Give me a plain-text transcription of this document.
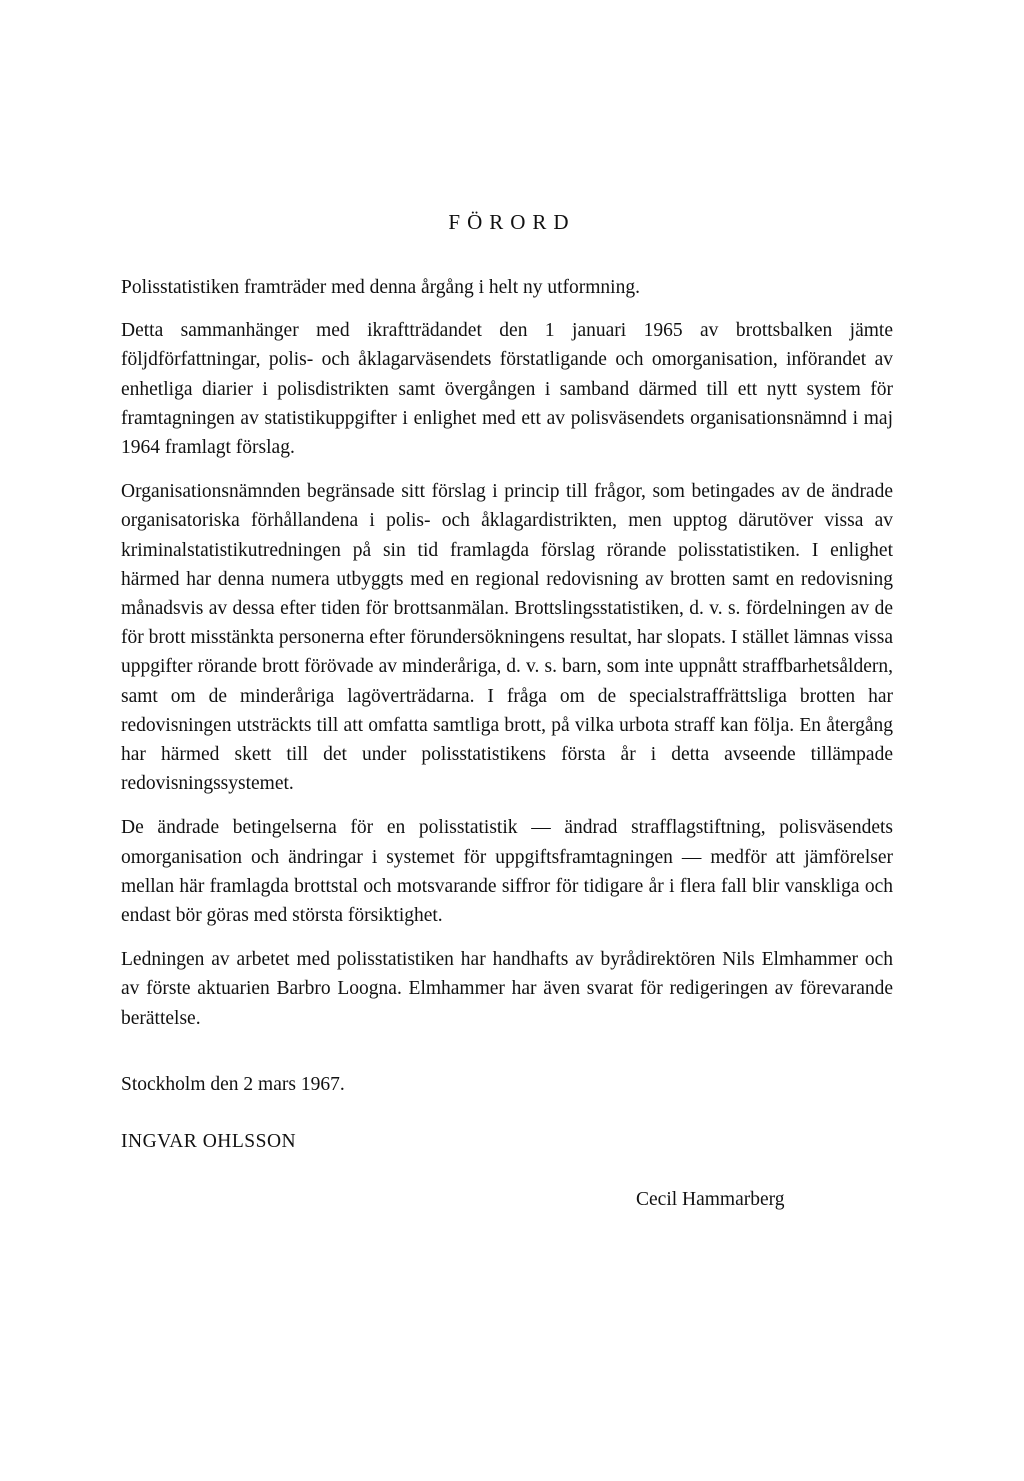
FÖRORD

Polisstatistiken framträder med denna årgång i helt ny utformning.

Detta sammanhänger med ikraftträdandet den 1 januari 1965 av brottsbalken jämte följdförfattningar, polis- och åklagarväsendets förstatligande och omorganisation, införandet av enhetliga diarier i polisdistrikten samt övergången i samband därmed till ett nytt system för framtagningen av statistikuppgifter i enlighet med ett av polisväsendets organisationsnämnd i maj 1964 framlagt förslag.

Organisationsnämnden begränsade sitt förslag i princip till frågor, som betingades av de ändrade organisatoriska förhållandena i polis- och åklagardistrikten, men upptog därutöver vissa av kriminalstatistikutredningen på sin tid framlagda förslag rörande polisstatistiken. I enlighet härmed har denna numera utbyggts med en regional redovisning av brotten samt en redovisning månadsvis av dessa efter tiden för brottsanmälan. Brottslingsstatistiken, d. v. s. fördelningen av de för brott misstänkta personerna efter förundersökningens resultat, har slopats. I stället lämnas vissa uppgifter rörande brott förövade av minderåriga, d. v. s. barn, som inte uppnått straffbarhetsåldern, samt om de minderåriga lagöverträdarna. I fråga om de specialstraffrättsliga brotten har redovisningen utsträckts till att omfatta samtliga brott, på vilka urbota straff kan följa. En återgång har härmed skett till det under polisstatistikens första år i detta avseende tillämpade redovisningssystemet.

De ändrade betingelserna för en polisstatistik — ändrad strafflagstiftning, polisväsendets omorganisation och ändringar i systemet för uppgiftsframtagningen — medför att jämförelser mellan här framlagda brottstal och motsvarande siffror för tidigare år i flera fall blir vanskliga och endast bör göras med största försiktighet.

Ledningen av arbetet med polisstatistiken har handhafts av byrådirektören Nils Elmhammer och av förste aktuarien Barbro Loogna. Elmhammer har även svarat för redigeringen av förevarande berättelse.

Stockholm den 2 mars 1967.
INGVAR OHLSSON
Cecil Hammarberg
